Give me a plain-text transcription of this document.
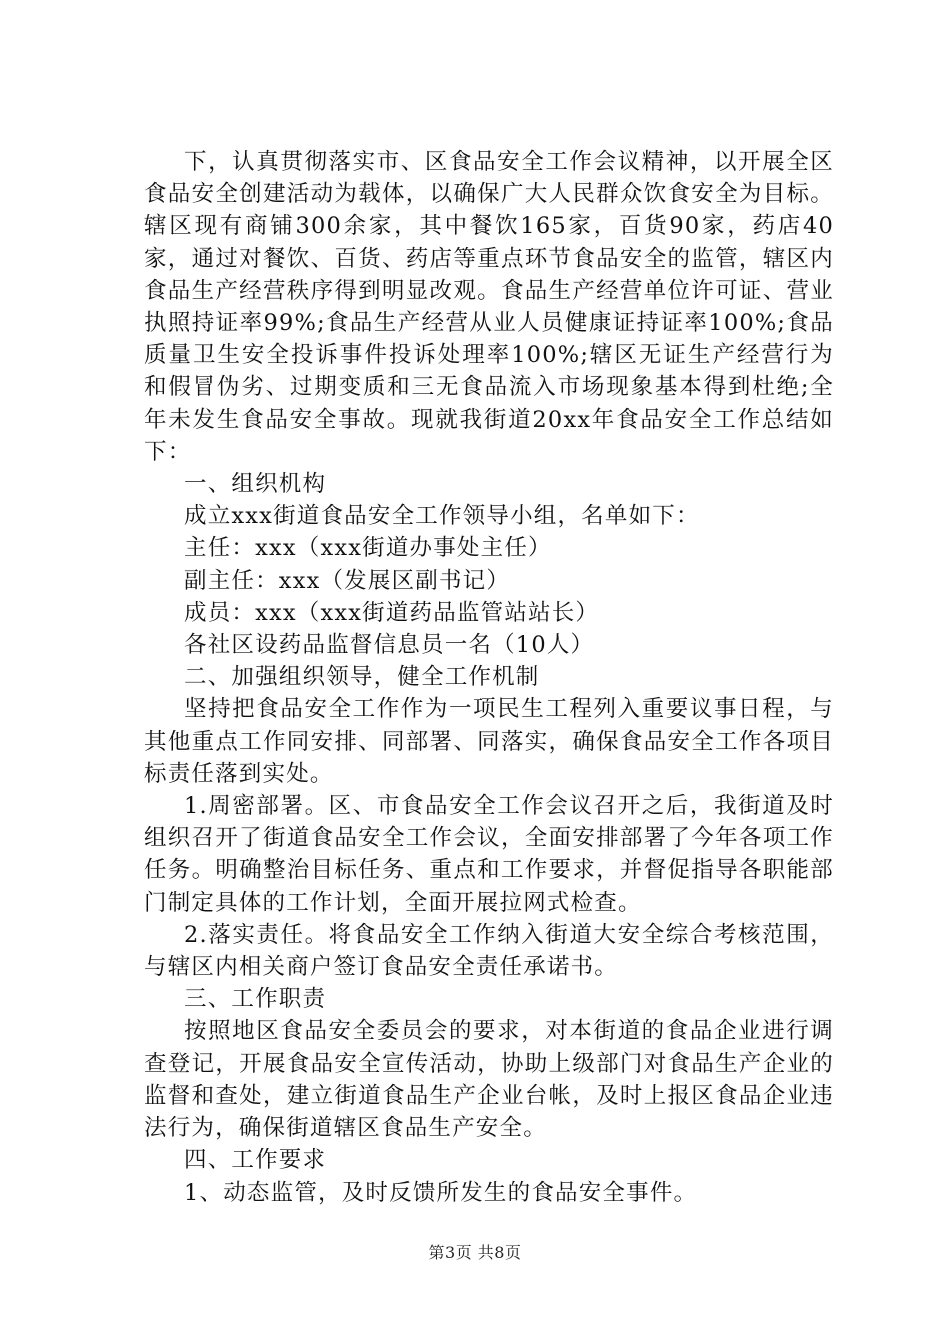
下，认真贯彻落实市、区食品安全工作会议精神，以开展全区食品安全创建活动为载体，以确保广大人民群众饮食安全为目标。辖区现有商铺300余家，其中餐饮165家，百货90家，药店40家，通过对餐饮、百货、药店等重点环节食品安全的监管，辖区内食品生产经营秩序得到明显改观。食品生产经营单位许可证、营业执照持证率99%;食品生产经营从业人员健康证持证率100%;食品质量卫生安全投诉事件投诉处理率100%;辖区无证生产经营行为和假冒伪劣、过期变质和三无食品流入市场现象基本得到杜绝;全年未发生食品安全事故。现就我街道20xx年食品安全工作总结如下：

一、组织机构

成立xxx街道食品安全工作领导小组，名单如下：

主任：xxx（xxx街道办事处主任）

副主任：xxx（发展区副书记）

成员：xxx（xxx街道药品监管站站长）

各社区设药品监督信息员一名（10人）

二、加强组织领导，健全工作机制

坚持把食品安全工作作为一项民生工程列入重要议事日程，与其他重点工作同安排、同部署、同落实，确保食品安全工作各项目标责任落到实处。

1.周密部署。区、市食品安全工作会议召开之后，我街道及时组织召开了街道食品安全工作会议，全面安排部署了今年各项工作任务。明确整治目标任务、重点和工作要求，并督促指导各职能部门制定具体的工作计划，全面开展拉网式检查。

2.落实责任。将食品安全工作纳入街道大安全综合考核范围，与辖区内相关商户签订食品安全责任承诺书。

三、工作职责

按照地区食品安全委员会的要求，对本街道的食品企业进行调查登记，开展食品安全宣传活动，协助上级部门对食品生产企业的监督和查处，建立街道食品生产企业台帐，及时上报区食品企业违法行为，确保街道辖区食品生产安全。

四、工作要求

1、动态监管，及时反馈所发生的食品安全事件。

第3页 共8页
